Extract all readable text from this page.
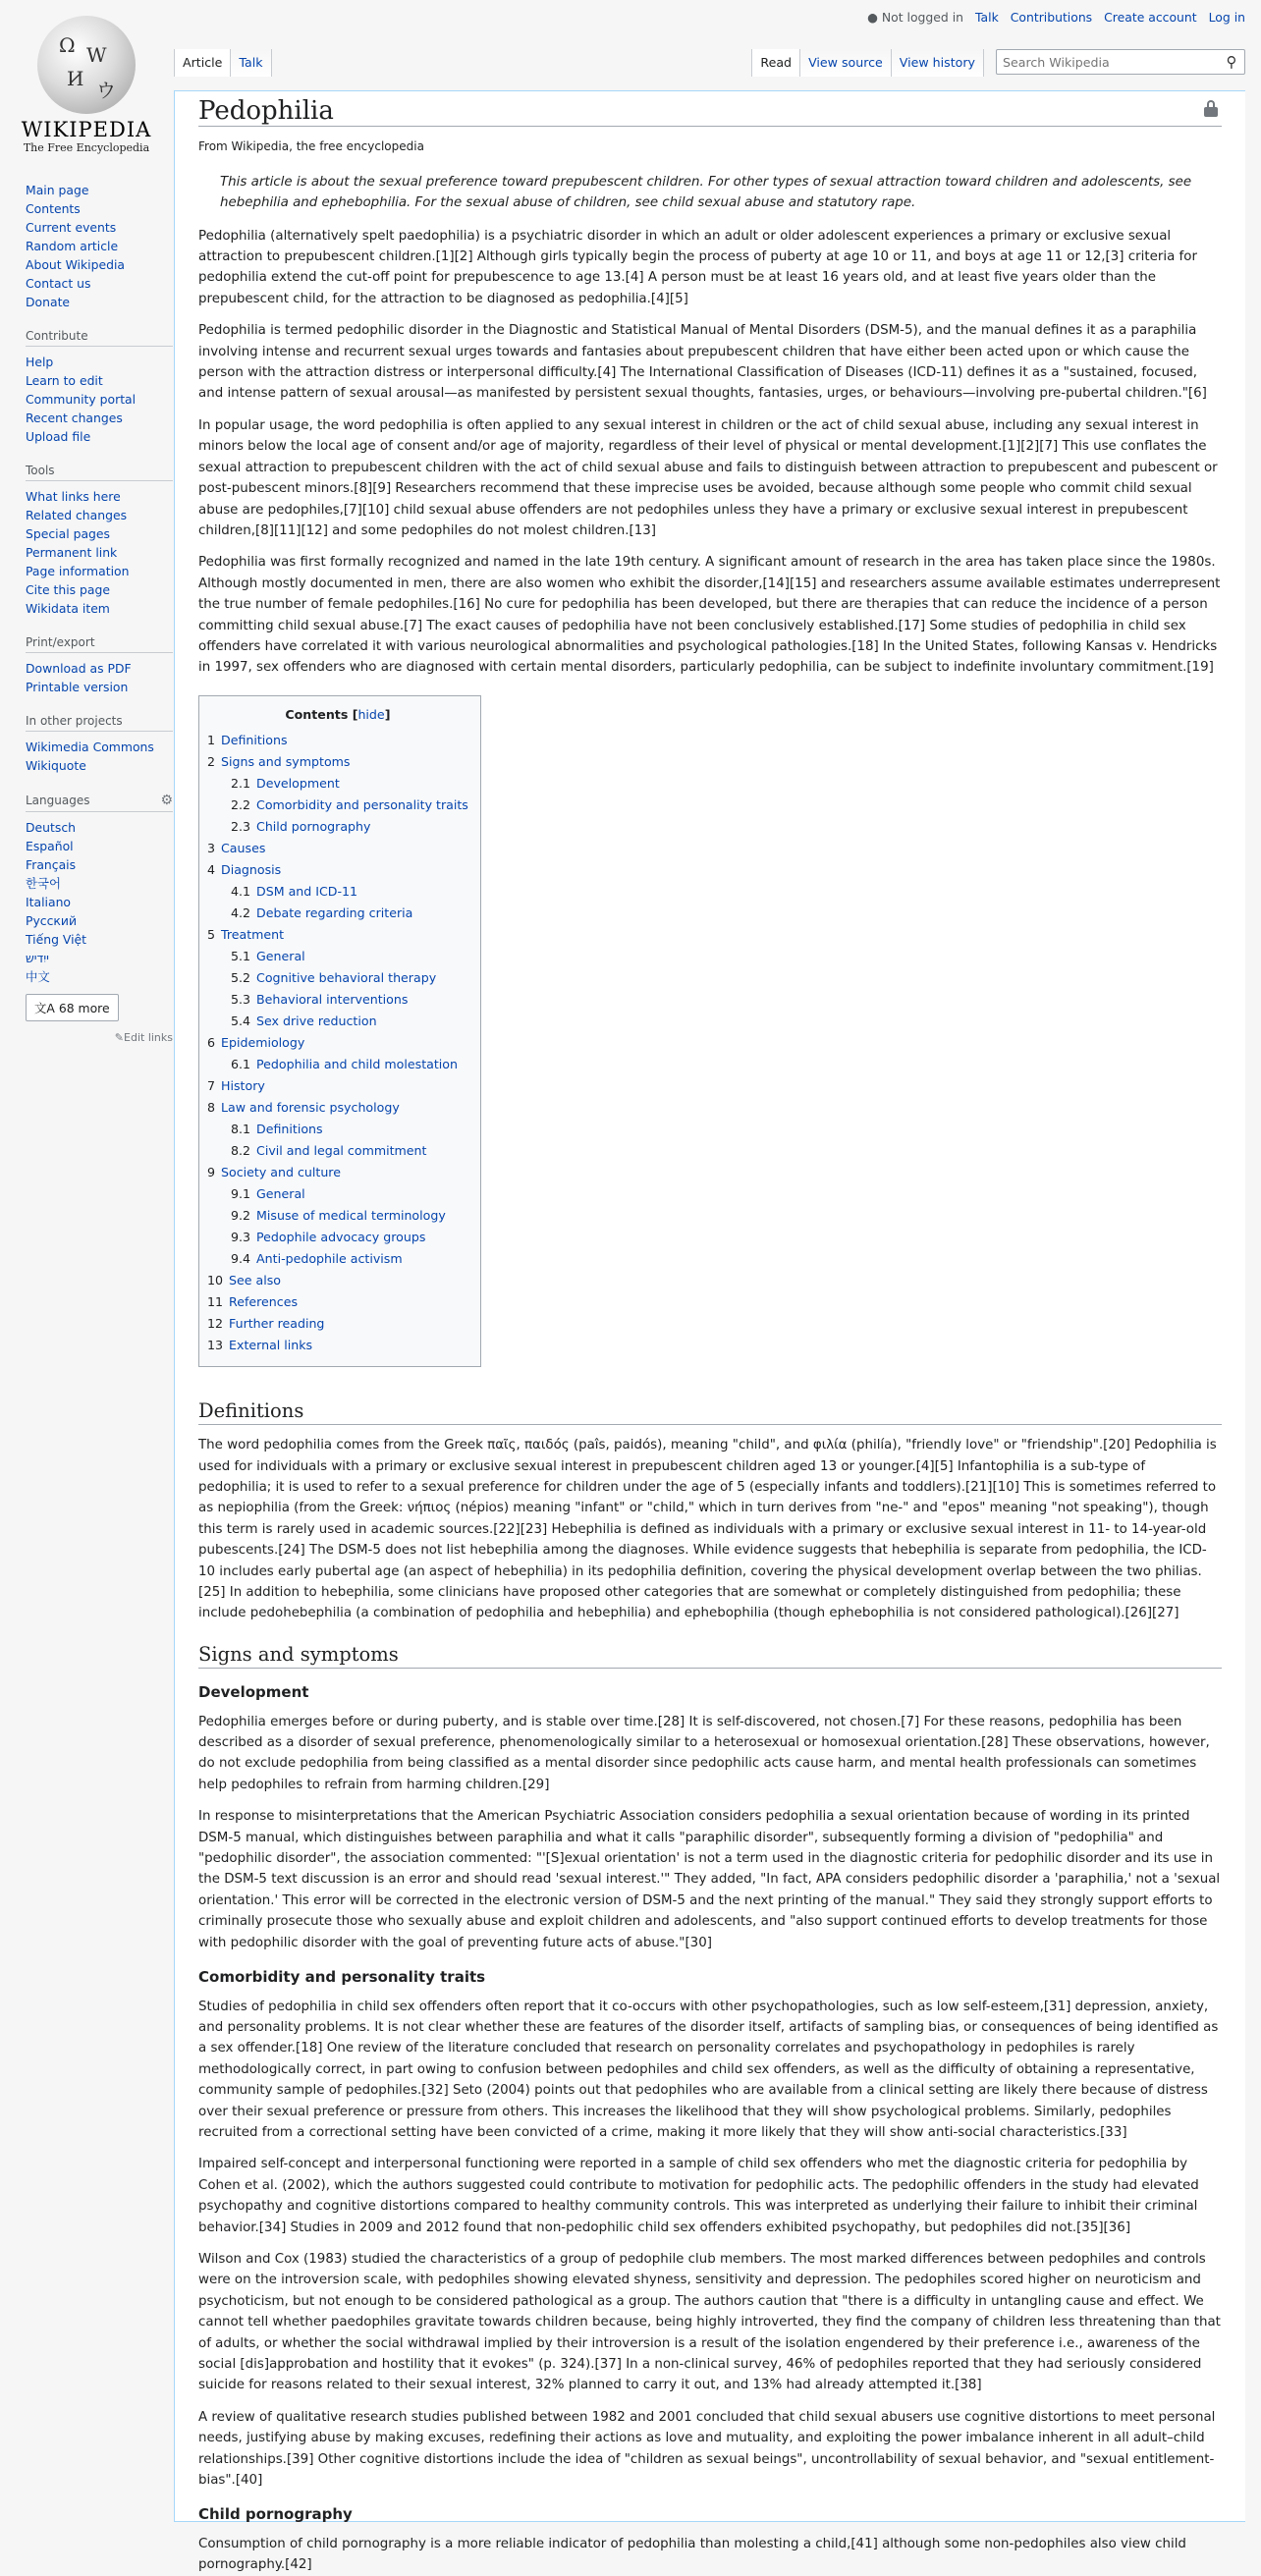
Ω W
И ウ
WIKIPEDIA
The Free Encyclopedia
● Not logged in Talk Contributions Create account Log in
Article	Talk	Read	View source	View history
Search Wikipedia	⚲
Main page
Contents
Current events
Random article
About Wikipedia
Contact us
Donate
Contribute
Help
Learn to edit
Community portal
Recent changes
Upload file
Tools
What links here
Related changes
Special pages
Permanent link
Page information
Cite this page
Wikidata item
Print/export
Download as PDF
Printable version
In other projects
Wikimedia Commons
Wikiquote
Languages	⚙
Deutsch
Español
Français
한국어
Italiano
Русский
Tiếng Việt
ייִדיש
中文
文A 68 more
✎Edit links
Pedophilia
From Wikipedia, the free encyclopedia
This article is about the sexual preference toward prepubescent children. For other types of sexual attraction toward children and adolescents, see hebephilia and ephebophilia. For the sexual abuse of children, see child sexual abuse and statutory rape.

Pedophilia (alternatively spelt paedophilia) is a psychiatric disorder in which an adult or older adolescent experiences a primary or exclusive sexual attraction to prepubescent children.[1][2] Although girls typically begin the process of puberty at age 10 or 11, and boys at age 11 or 12,[3] criteria for pedophilia extend the cut-off point for prepubescence to age 13.[4] A person must be at least 16 years old, and at least five years older than the prepubescent child, for the attraction to be diagnosed as pedophilia.[4][5]

Pedophilia is termed pedophilic disorder in the Diagnostic and Statistical Manual of Mental Disorders (DSM-5), and the manual defines it as a paraphilia involving intense and recurrent sexual urges towards and fantasies about prepubescent children that have either been acted upon or which cause the person with the attraction distress or interpersonal difficulty.[4] The International Classification of Diseases (ICD-11) defines it as a "sustained, focused, and intense pattern of sexual arousal—as manifested by persistent sexual thoughts, fantasies, urges, or behaviours—involving pre-pubertal children."[6]

In popular usage, the word pedophilia is often applied to any sexual interest in children or the act of child sexual abuse, including any sexual interest in minors below the local age of consent and/or age of majority, regardless of their level of physical or mental development.[1][2][7] This use conflates the sexual attraction to prepubescent children with the act of child sexual abuse and fails to distinguish between attraction to prepubescent and pubescent or post-pubescent minors.[8][9] Researchers recommend that these imprecise uses be avoided, because although some people who commit child sexual abuse are pedophiles,[7][10] child sexual abuse offenders are not pedophiles unless they have a primary or exclusive sexual interest in prepubescent children,[8][11][12] and some pedophiles do not molest children.[13]

Pedophilia was first formally recognized and named in the late 19th century. A significant amount of research in the area has taken place since the 1980s. Although mostly documented in men, there are also women who exhibit the disorder,[14][15] and researchers assume available estimates underrepresent the true number of female pedophiles.[16] No cure for pedophilia has been developed, but there are therapies that can reduce the incidence of a person committing child sexual abuse.[7] The exact causes of pedophilia have not been conclusively established.[17] Some studies of pedophilia in child sex offenders have correlated it with various neurological abnormalities and psychological pathologies.[18] In the United States, following Kansas v. Hendricks in 1997, sex offenders who are diagnosed with certain mental disorders, particularly pedophilia, can be subject to indefinite involuntary commitment.[19]

Contents [hide]
1 Definitions
2 Signs and symptoms
2.1 Development
2.2 Comorbidity and personality traits
2.3 Child pornography
3 Causes
4 Diagnosis
4.1 DSM and ICD-11
4.2 Debate regarding criteria
5 Treatment
5.1 General
5.2 Cognitive behavioral therapy
5.3 Behavioral interventions
5.4 Sex drive reduction
6 Epidemiology
6.1 Pedophilia and child molestation
7 History
8 Law and forensic psychology
8.1 Definitions
8.2 Civil and legal commitment
9 Society and culture
9.1 General
9.2 Misuse of medical terminology
9.3 Pedophile advocacy groups
9.4 Anti-pedophile activism
10 See also
11 References
12 Further reading
13 External links
Definitions

The word pedophilia comes from the Greek παῖς, παιδός (paîs, paidós), meaning "child", and φιλία (philía), "friendly love" or "friendship".[20] Pedophilia is used for individuals with a primary or exclusive sexual interest in prepubescent children aged 13 or younger.[4][5] Infantophilia is a sub-type of pedophilia; it is used to refer to a sexual preference for children under the age of 5 (especially infants and toddlers).[21][10] This is sometimes referred to as nepiophilia (from the Greek: νήπιος (népios) meaning "infant" or "child," which in turn derives from "ne-" and "epos" meaning "not speaking"), though this term is rarely used in academic sources.[22][23] Hebephilia is defined as individuals with a primary or exclusive sexual interest in 11- to 14-year-old pubescents.[24] The DSM-5 does not list hebephilia among the diagnoses. While evidence suggests that hebephilia is separate from pedophilia, the ICD-10 includes early pubertal age (an aspect of hebephilia) in its pedophilia definition, covering the physical development overlap between the two philias.[25] In addition to hebephilia, some clinicians have proposed other categories that are somewhat or completely distinguished from pedophilia; these include pedohebephilia (a combination of pedophilia and hebephilia) and ephebophilia (though ephebophilia is not considered pathological).[26][27]

Signs and symptoms
Development

Pedophilia emerges before or during puberty, and is stable over time.[28] It is self-discovered, not chosen.[7] For these reasons, pedophilia has been described as a disorder of sexual preference, phenomenologically similar to a heterosexual or homosexual orientation.[28] These observations, however, do not exclude pedophilia from being classified as a mental disorder since pedophilic acts cause harm, and mental health professionals can sometimes help pedophiles to refrain from harming children.[29]

In response to misinterpretations that the American Psychiatric Association considers pedophilia a sexual orientation because of wording in its printed DSM-5 manual, which distinguishes between paraphilia and what it calls "paraphilic disorder", subsequently forming a division of "pedophilia" and "pedophilic disorder", the association commented: "'[S]exual orientation' is not a term used in the diagnostic criteria for pedophilic disorder and its use in the DSM-5 text discussion is an error and should read 'sexual interest.'" They added, "In fact, APA considers pedophilic disorder a 'paraphilia,' not a 'sexual orientation.' This error will be corrected in the electronic version of DSM-5 and the next printing of the manual." They said they strongly support efforts to criminally prosecute those who sexually abuse and exploit children and adolescents, and "also support continued efforts to develop treatments for those with pedophilic disorder with the goal of preventing future acts of abuse."[30]

Comorbidity and personality traits

Studies of pedophilia in child sex offenders often report that it co-occurs with other psychopathologies, such as low self-esteem,[31] depression, anxiety, and personality problems. It is not clear whether these are features of the disorder itself, artifacts of sampling bias, or consequences of being identified as a sex offender.[18] One review of the literature concluded that research on personality correlates and psychopathology in pedophiles is rarely methodologically correct, in part owing to confusion between pedophiles and child sex offenders, as well as the difficulty of obtaining a representative, community sample of pedophiles.[32] Seto (2004) points out that pedophiles who are available from a clinical setting are likely there because of distress over their sexual preference or pressure from others. This increases the likelihood that they will show psychological problems. Similarly, pedophiles recruited from a correctional setting have been convicted of a crime, making it more likely that they will show anti-social characteristics.[33]

Impaired self-concept and interpersonal functioning were reported in a sample of child sex offenders who met the diagnostic criteria for pedophilia by Cohen et al. (2002), which the authors suggested could contribute to motivation for pedophilic acts. The pedophilic offenders in the study had elevated psychopathy and cognitive distortions compared to healthy community controls. This was interpreted as underlying their failure to inhibit their criminal behavior.[34] Studies in 2009 and 2012 found that non-pedophilic child sex offenders exhibited psychopathy, but pedophiles did not.[35][36]

Wilson and Cox (1983) studied the characteristics of a group of pedophile club members. The most marked differences between pedophiles and controls were on the introversion scale, with pedophiles showing elevated shyness, sensitivity and depression. The pedophiles scored higher on neuroticism and psychoticism, but not enough to be considered pathological as a group. The authors caution that "there is a difficulty in untangling cause and effect. We cannot tell whether paedophiles gravitate towards children because, being highly introverted, they find the company of children less threatening than that of adults, or whether the social withdrawal implied by their introversion is a result of the isolation engendered by their preference i.e., awareness of the social [dis]approbation and hostility that it evokes" (p. 324).[37] In a non-clinical survey, 46% of pedophiles reported that they had seriously considered suicide for reasons related to their sexual interest, 32% planned to carry it out, and 13% had already attempted it.[38]

A review of qualitative research studies published between 1982 and 2001 concluded that child sexual abusers use cognitive distortions to meet personal needs, justifying abuse by making excuses, redefining their actions as love and mutuality, and exploiting the power imbalance inherent in all adult–child relationships.[39] Other cognitive distortions include the idea of "children as sexual beings", uncontrollability of sexual behavior, and "sexual entitlement-bias".[40]

Child pornography

Consumption of child pornography is a more reliable indicator of pedophilia than molesting a child,[41] although some non-pedophiles also view child pornography.[42]
